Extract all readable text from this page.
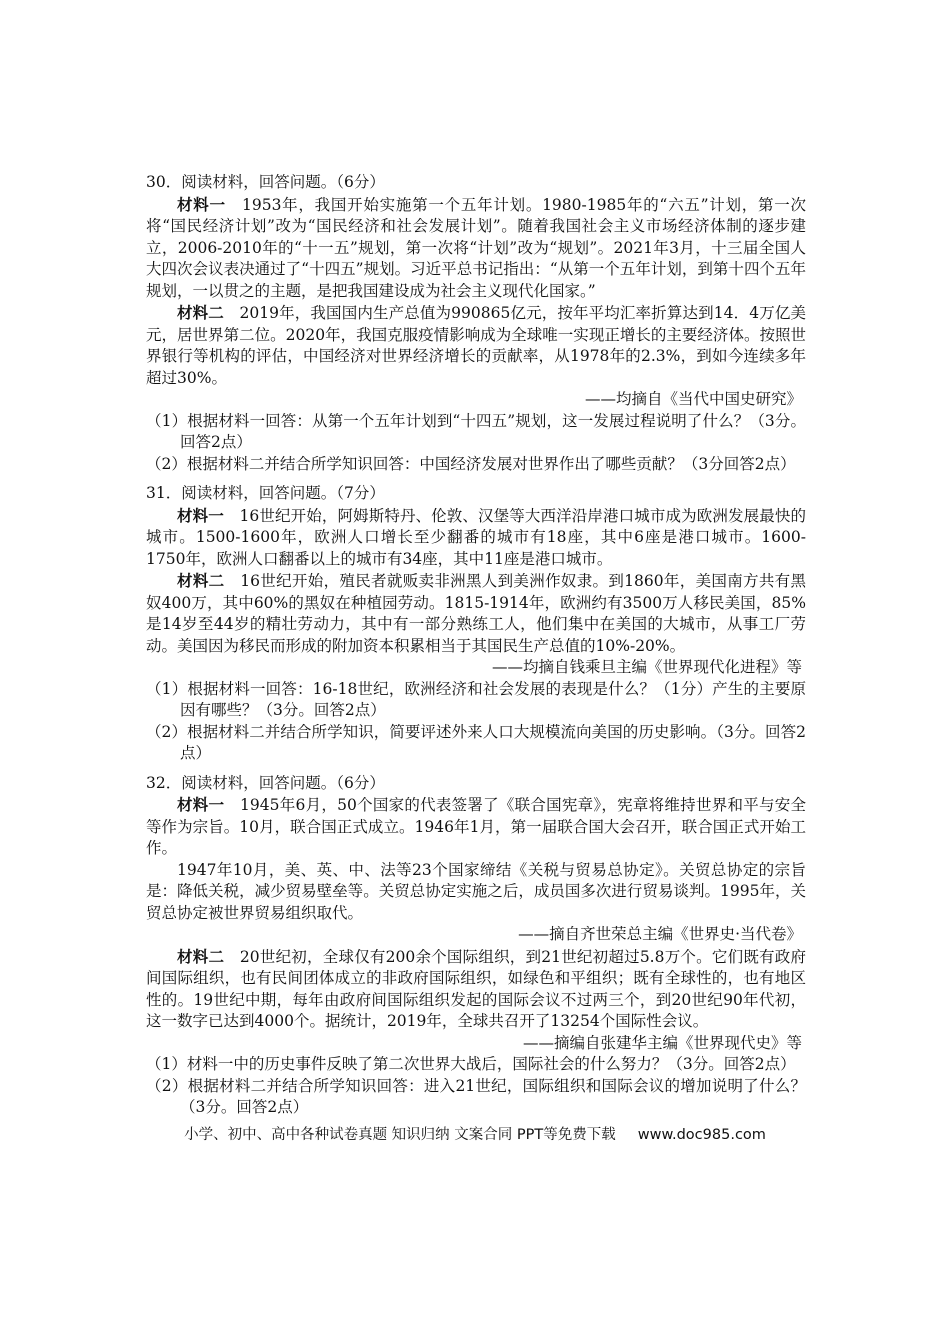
30．阅读材料，回答问题。（6分）

材料一　1953年，我国开始实施第一个五年计划。1980-1985年的“六五”计划，第一次将“国民经济计划”改为“国民经济和社会发展计划”。随着我国社会主义市场经济体制的逐步建立，2006-2010年的“十一五”规划，第一次将“计划”改为“规划”。2021年3月，十三届全国人大四次会议表决通过了“十四五”规划。习近平总书记指出：“从第一个五年计划，到第十四个五年规划，一以贯之的主题，是把我国建设成为社会主义现代化国家。”

材料二　2019年，我国国内生产总值为990865亿元，按年平均汇率折算达到14．4万亿美元，居世界第二位。2020年，我国克服疫情影响成为全球唯一实现正增长的主要经济体。按照世界银行等机构的评估，中国经济对世界经济增长的贡献率，从1978年的2.3%，到如今连续多年超过30%。

——均摘自《当代中国史研究》

（1）根据材料一回答：从第一个五年计划到“十四五”规划，这一发展过程说明了什么？（3分。回答2点）

（2）根据材料二并结合所学知识回答：中国经济发展对世界作出了哪些贡献？（3分回答2点）

31．阅读材料，回答问题。（7分）

材料一　16世纪开始，阿姆斯特丹、伦敦、汉堡等大西洋沿岸港口城市成为欧洲发展最快的城市。1500-1600年，欧洲人口增长至少翻番的城市有18座，其中6座是港口城市。1600-1750年，欧洲人口翻番以上的城市有34座，其中11座是港口城市。

材料二　16世纪开始，殖民者就贩卖非洲黑人到美洲作奴隶。到1860年，美国南方共有黑奴400万，其中60%的黑奴在种植园劳动。1815-1914年，欧洲约有3500万人移民美国，85%是14岁至44岁的精壮劳动力，其中有一部分熟练工人，他们集中在美国的大城市，从事工厂劳动。美国因为移民而形成的附加资本积累相当于其国民生产总值的10%-20%。

——均摘自钱乘旦主编《世界现代化进程》等

（1）根据材料一回答：16-18世纪，欧洲经济和社会发展的表现是什么？（1分）产生的主要原因有哪些？（3分。回答2点）

（2）根据材料二并结合所学知识，简要评述外来人口大规模流向美国的历史影响。（3分。回答2点）

32．阅读材料，回答问题。（6分）

材料一　1945年6月，50个国家的代表签署了《联合国宪章》，宪章将维持世界和平与安全等作为宗旨。10月，联合国正式成立。1946年1月，第一届联合国大会召开，联合国正式开始工作。

1947年10月，美、英、中、法等23个国家缔结《关税与贸易总协定》。关贸总协定的宗旨是：降低关税，减少贸易壁垒等。关贸总协定实施之后，成员国多次进行贸易谈判。1995年，关贸总协定被世界贸易组织取代。

——摘自齐世荣总主编《世界史·当代卷》

材料二　20世纪初，全球仅有200余个国际组织，到21世纪初超过5.8万个。它们既有政府间国际组织，也有民间团体成立的非政府国际组织，如绿色和平组织；既有全球性的，也有地区性的。19世纪中期，每年由政府间国际组织发起的国际会议不过两三个，到20世纪90年代初，这一数字已达到4000个。据统计，2019年，全球共召开了13254个国际性会议。

——摘编自张建华主编《世界现代史》等

（1）材料一中的历史事件反映了第二次世界大战后，国际社会的什么努力？（3分。回答2点）

（2）根据材料二并结合所学知识回答：进入21世纪，国际组织和国际会议的增加说明了什么？（3分。回答2点）

小学、初中、高中各种试卷真题 知识归纳 文案合同 PPT等免费下载 www.doc985.com
